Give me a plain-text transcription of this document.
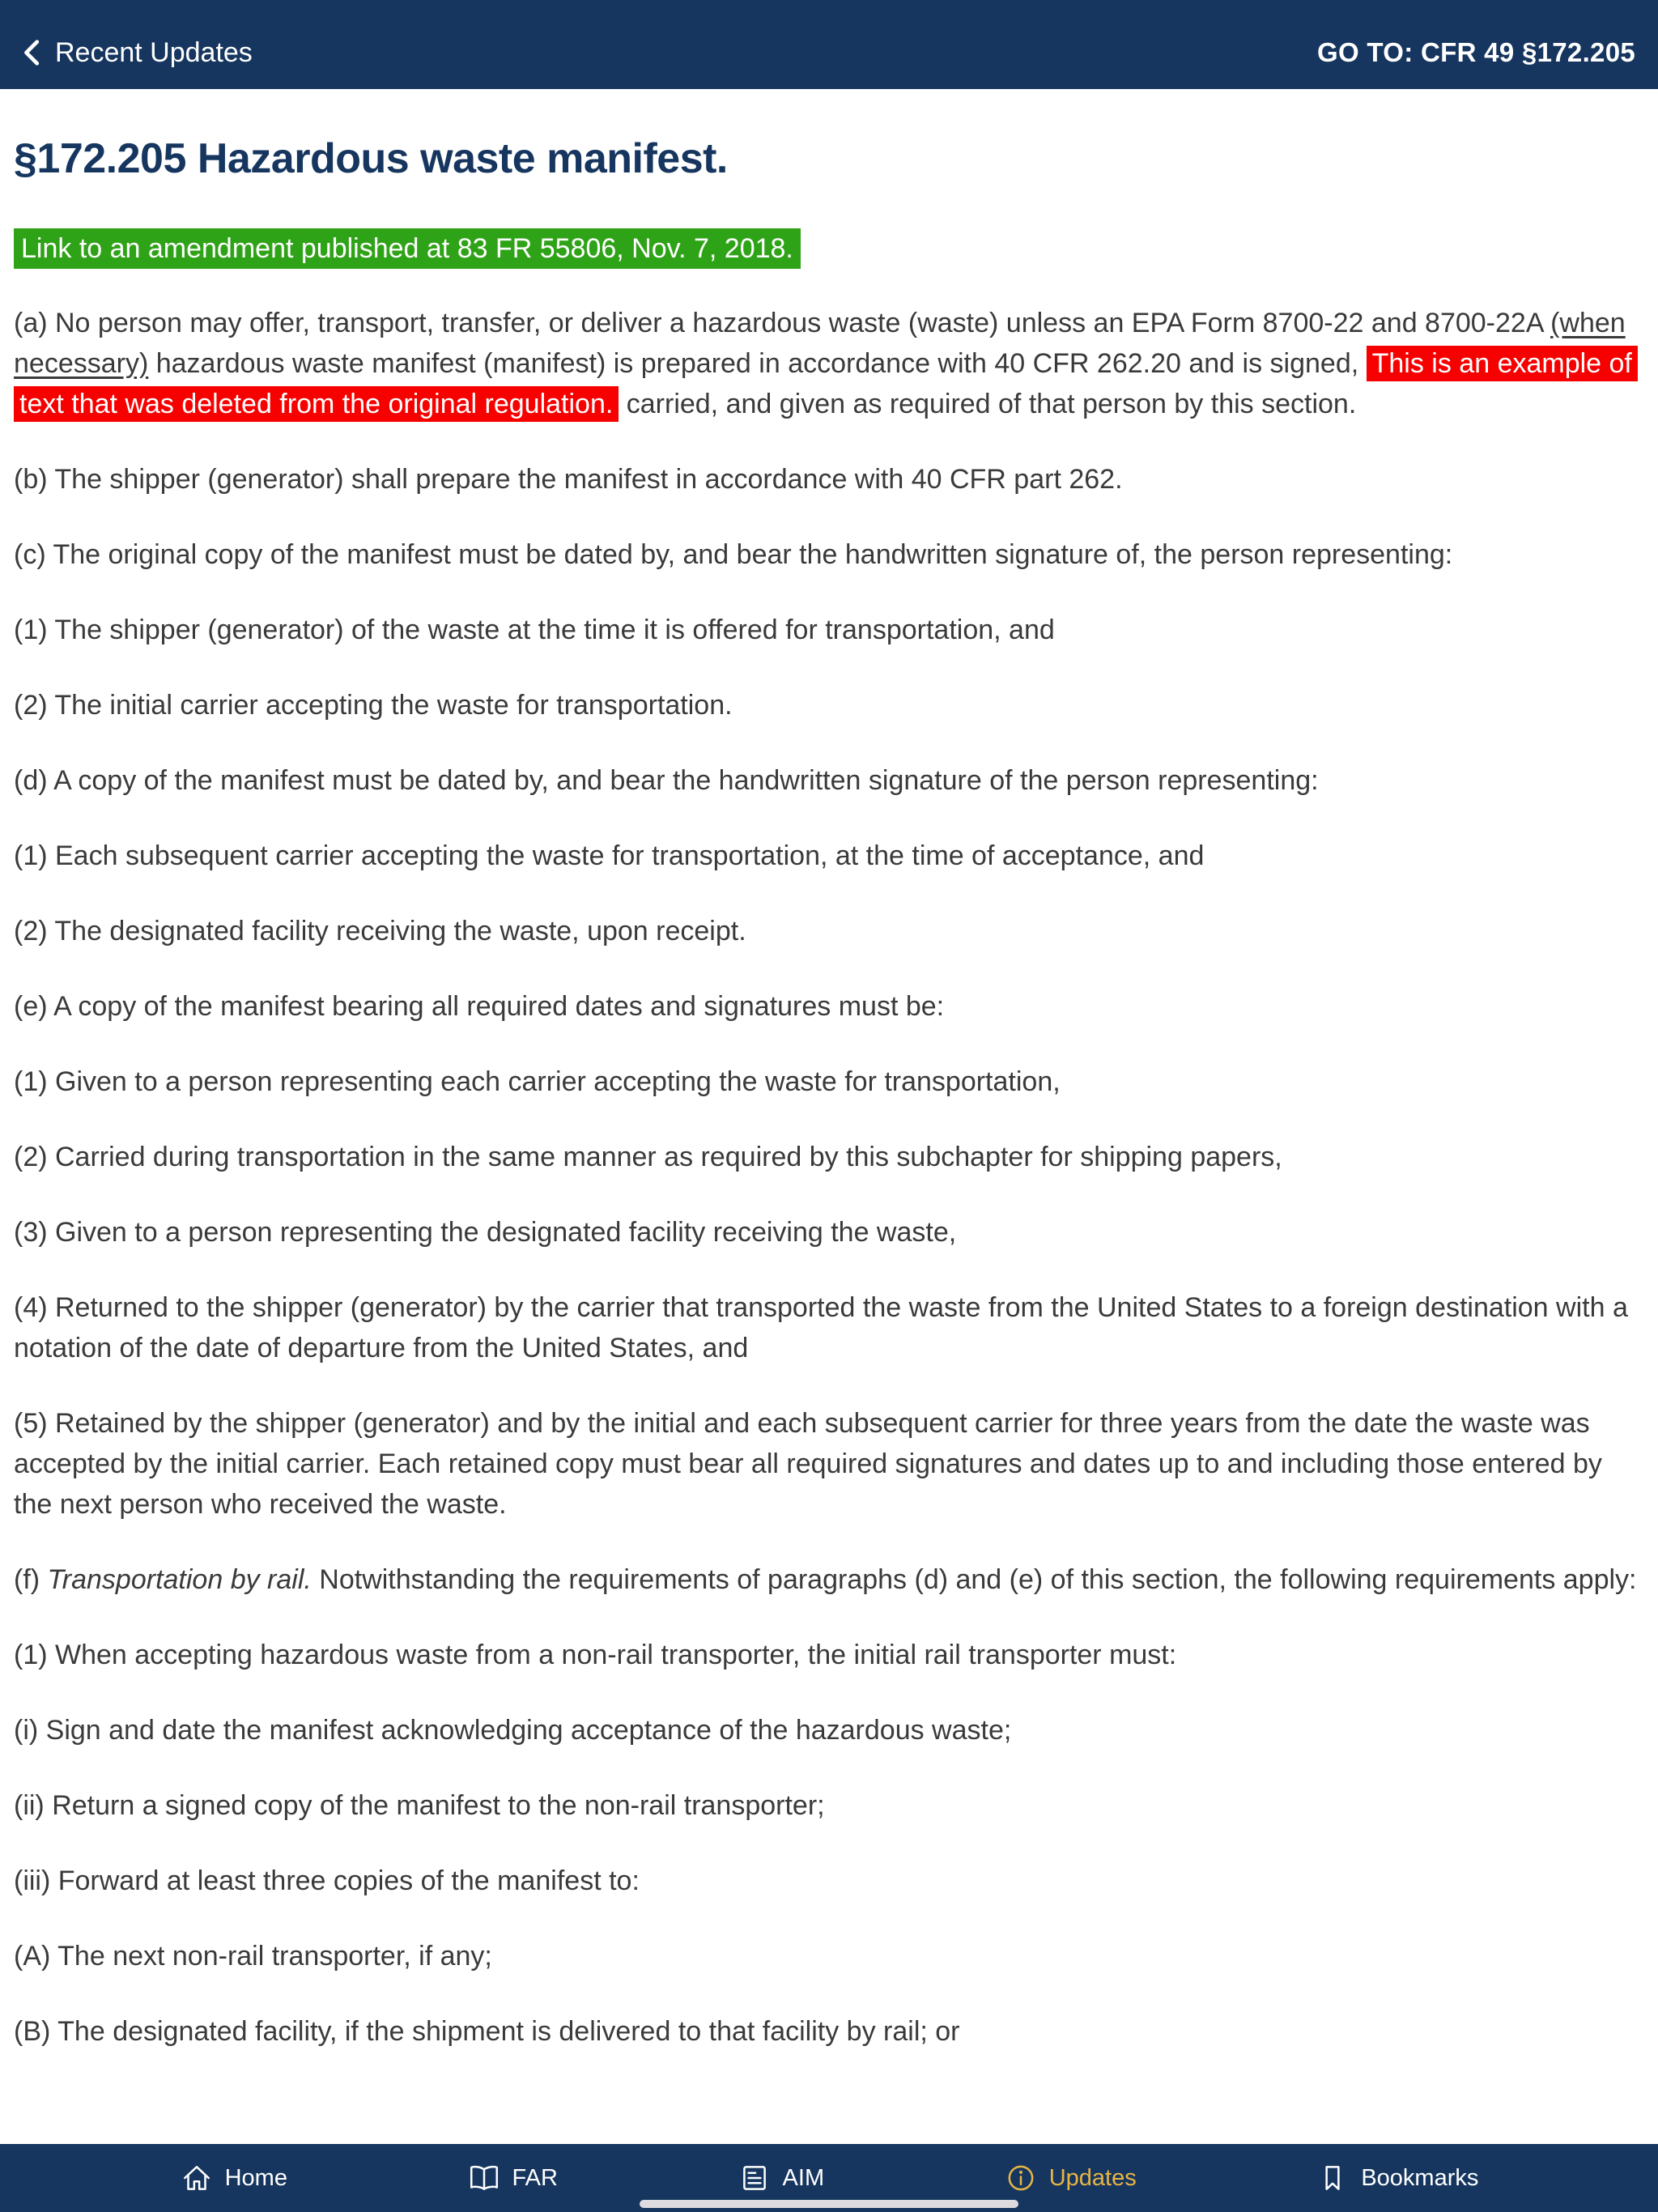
Recent Updates	GO TO: CFR 49 §172.205
§172.205 Hazardous waste manifest.
Link to an amendment published at 83 FR 55806, Nov. 7, 2018.

(a) No person may offer, transport, transfer, or deliver a hazardous waste (waste) unless an EPA Form 8700-22 and 8700-22A (when necessary) hazardous waste manifest (manifest) is prepared in accordance with 40 CFR 262.20 and is signed, This is an example of text that was deleted from the original regulation. carried, and given as required of that person by this section.

(b) The shipper (generator) shall prepare the manifest in accordance with 40 CFR part 262.

(c) The original copy of the manifest must be dated by, and bear the handwritten signature of, the person representing:

(1) The shipper (generator) of the waste at the time it is offered for transportation, and

(2) The initial carrier accepting the waste for transportation.

(d) A copy of the manifest must be dated by, and bear the handwritten signature of the person representing:

(1) Each subsequent carrier accepting the waste for transportation, at the time of acceptance, and

(2) The designated facility receiving the waste, upon receipt.

(e) A copy of the manifest bearing all required dates and signatures must be:

(1) Given to a person representing each carrier accepting the waste for transportation,

(2) Carried during transportation in the same manner as required by this subchapter for shipping papers,

(3) Given to a person representing the designated facility receiving the waste,

(4) Returned to the shipper (generator) by the carrier that transported the waste from the United States to a foreign destination with a notation of the date of departure from the United States, and

(5) Retained by the shipper (generator) and by the initial and each subsequent carrier for three years from the date the waste was accepted by the initial carrier. Each retained copy must bear all required signatures and dates up to and including those entered by the next person who received the waste.

(f) Transportation by rail. Notwithstanding the requirements of paragraphs (d) and (e) of this section, the following requirements apply:

(1) When accepting hazardous waste from a non-rail transporter, the initial rail transporter must:

(i) Sign and date the manifest acknowledging acceptance of the hazardous waste;

(ii) Return a signed copy of the manifest to the non-rail transporter;

(iii) Forward at least three copies of the manifest to:

(A) The next non-rail transporter, if any;

(B) The designated facility, if the shipment is delivered to that facility by rail; or

Home	FAR	AIM	Updates	Bookmarks
